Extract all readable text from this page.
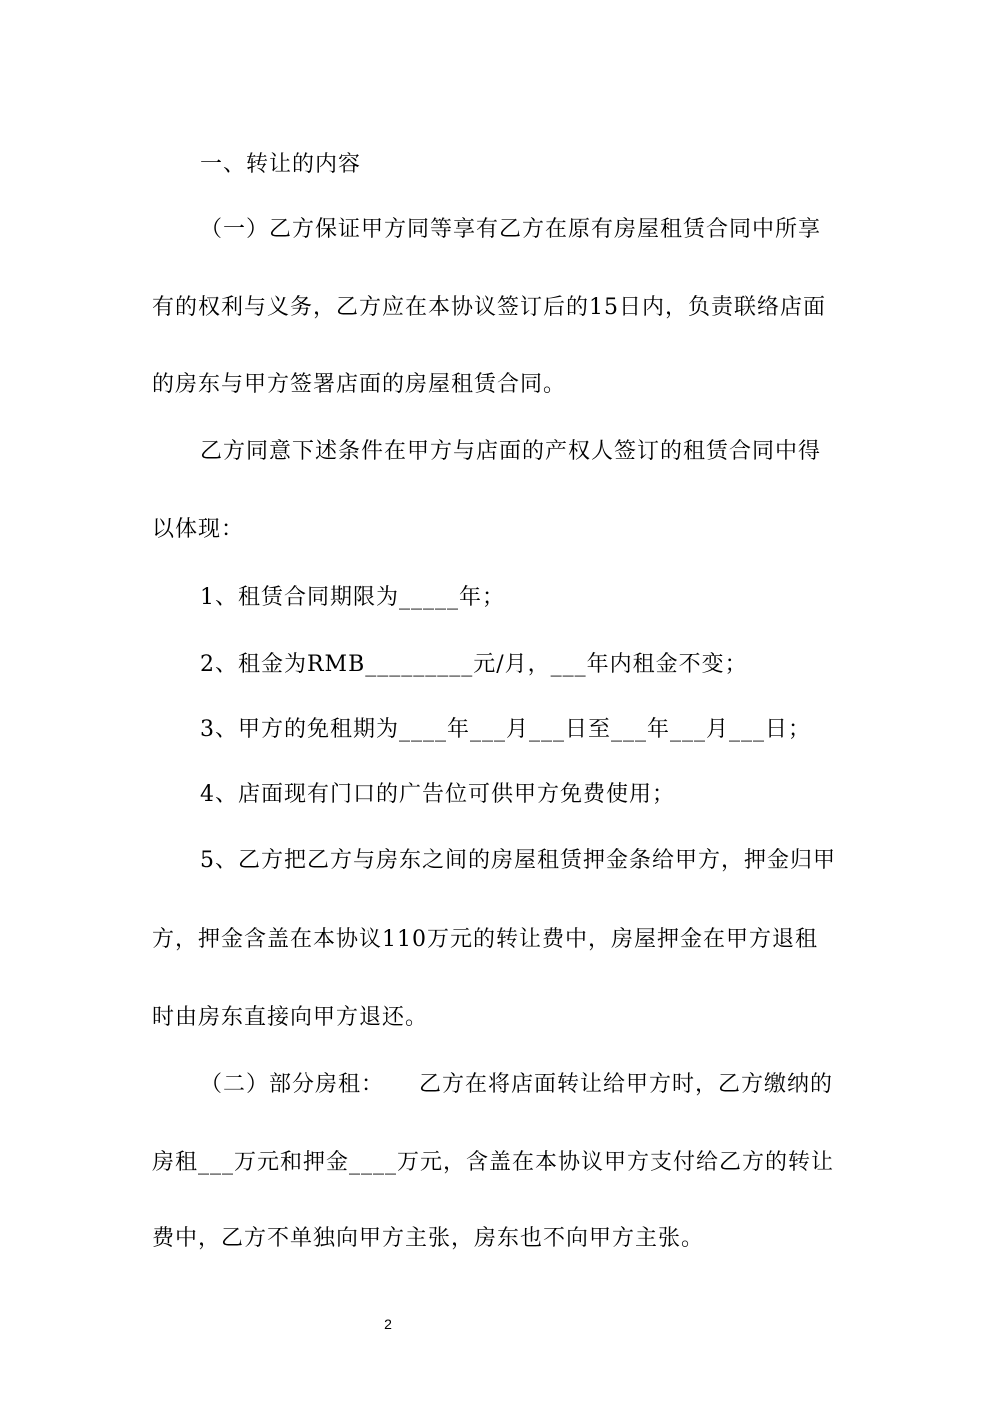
一、转让的内容
（一）乙方保证甲方同等享有乙方在原有房屋租赁合同中所享
有的权利与义务，乙方应在本协议签订后的15日内，负责联络店面
的房东与甲方签署店面的房屋租赁合同。
乙方同意下述条件在甲方与店面的产权人签订的租赁合同中得
以体现：
1、租赁合同期限为_____年；
2、租金为RMB_________元/月，___年内租金不变；
3、甲方的免租期为____年___月___日至___年___月___日；
4、店面现有门口的广告位可供甲方免费使用；
5、乙方把乙方与房东之间的房屋租赁押金条给甲方，押金归甲
方，押金含盖在本协议110万元的转让费中，房屋押金在甲方退租
时由房东直接向甲方退还。
（二）部分房租：　　乙方在将店面转让给甲方时，乙方缴纳的
房租___万元和押金____万元，含盖在本协议甲方支付给乙方的转让
费中，乙方不单独向甲方主张，房东也不向甲方主张。
2
